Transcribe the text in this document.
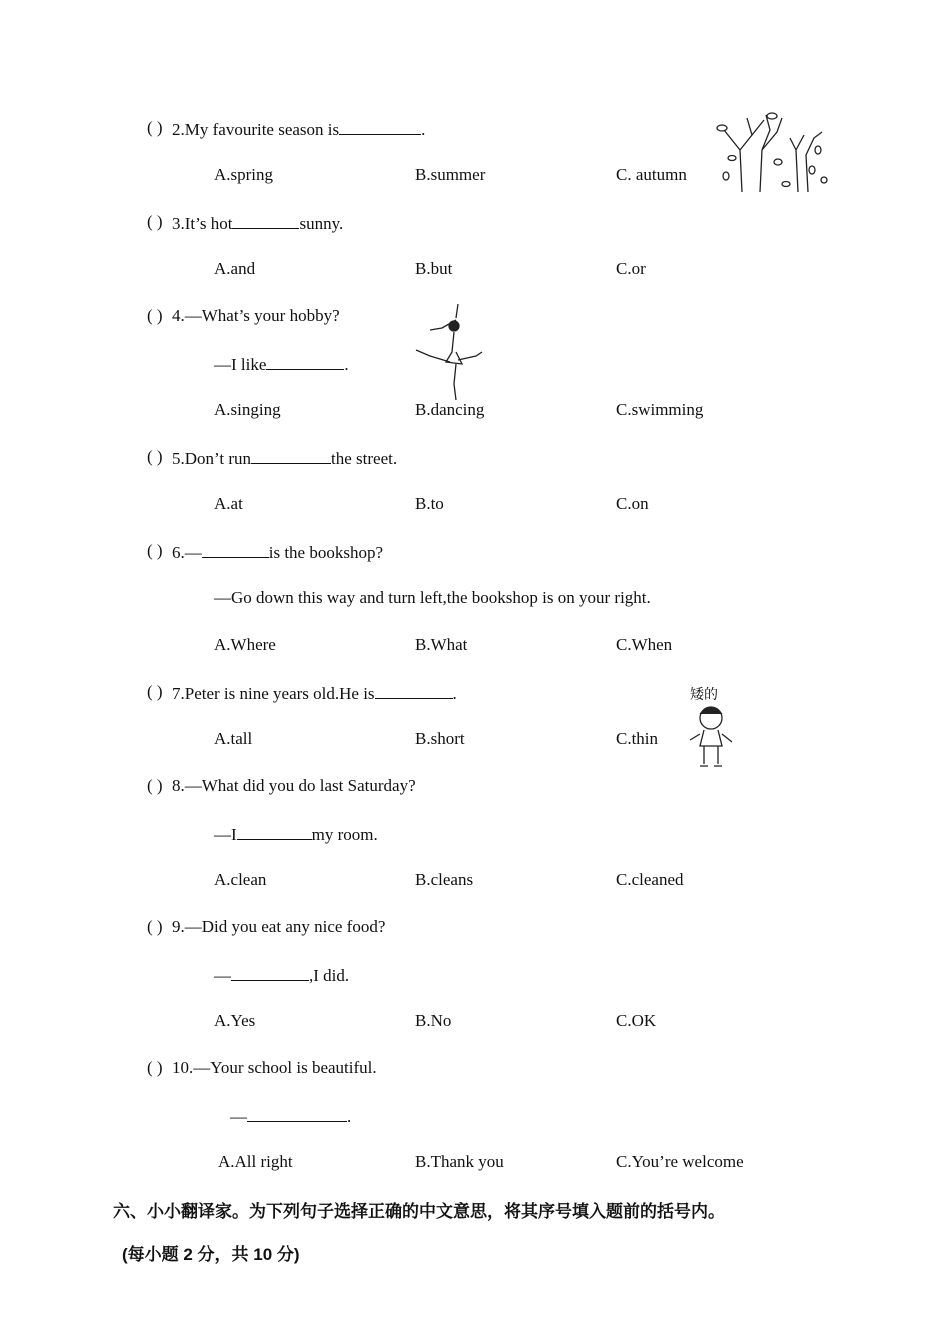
六、小小翻译家。为下列句子选择正确的中文意思，将其序号填入题前的括号内。
(每小题 2 分，共 10 分)
矮的
( ) 2.My favourite season is	.
A.spring	B.summer	C. autumn
( ) 3.It’s hot	sunny.
A.and	B.but	C.or
( ) 4.—What’s your hobby?
—I like	.
A.singing	B.dancing	C.swimming
( ) 5.Don’t run	the street.
A.at	B.to	C.on
( ) 6.—	is the bookshop?
—Go down this way and turn left,the bookshop is on your right.
A.Where	B.What	C.When
( ) 7.Peter is nine years old.He is	.
A.tall	B.short	C.thin
( ) 8.—What did you do last Saturday?
—I	my room.
A.clean	B.cleans	C.cleaned
( ) 9.—Did you eat any nice food?
—	,I did.
A.Yes	B.No	C.OK
( ) 10.—Your school is beautiful.
—	.
A.All right	B.Thank you	C.You’re welcome
